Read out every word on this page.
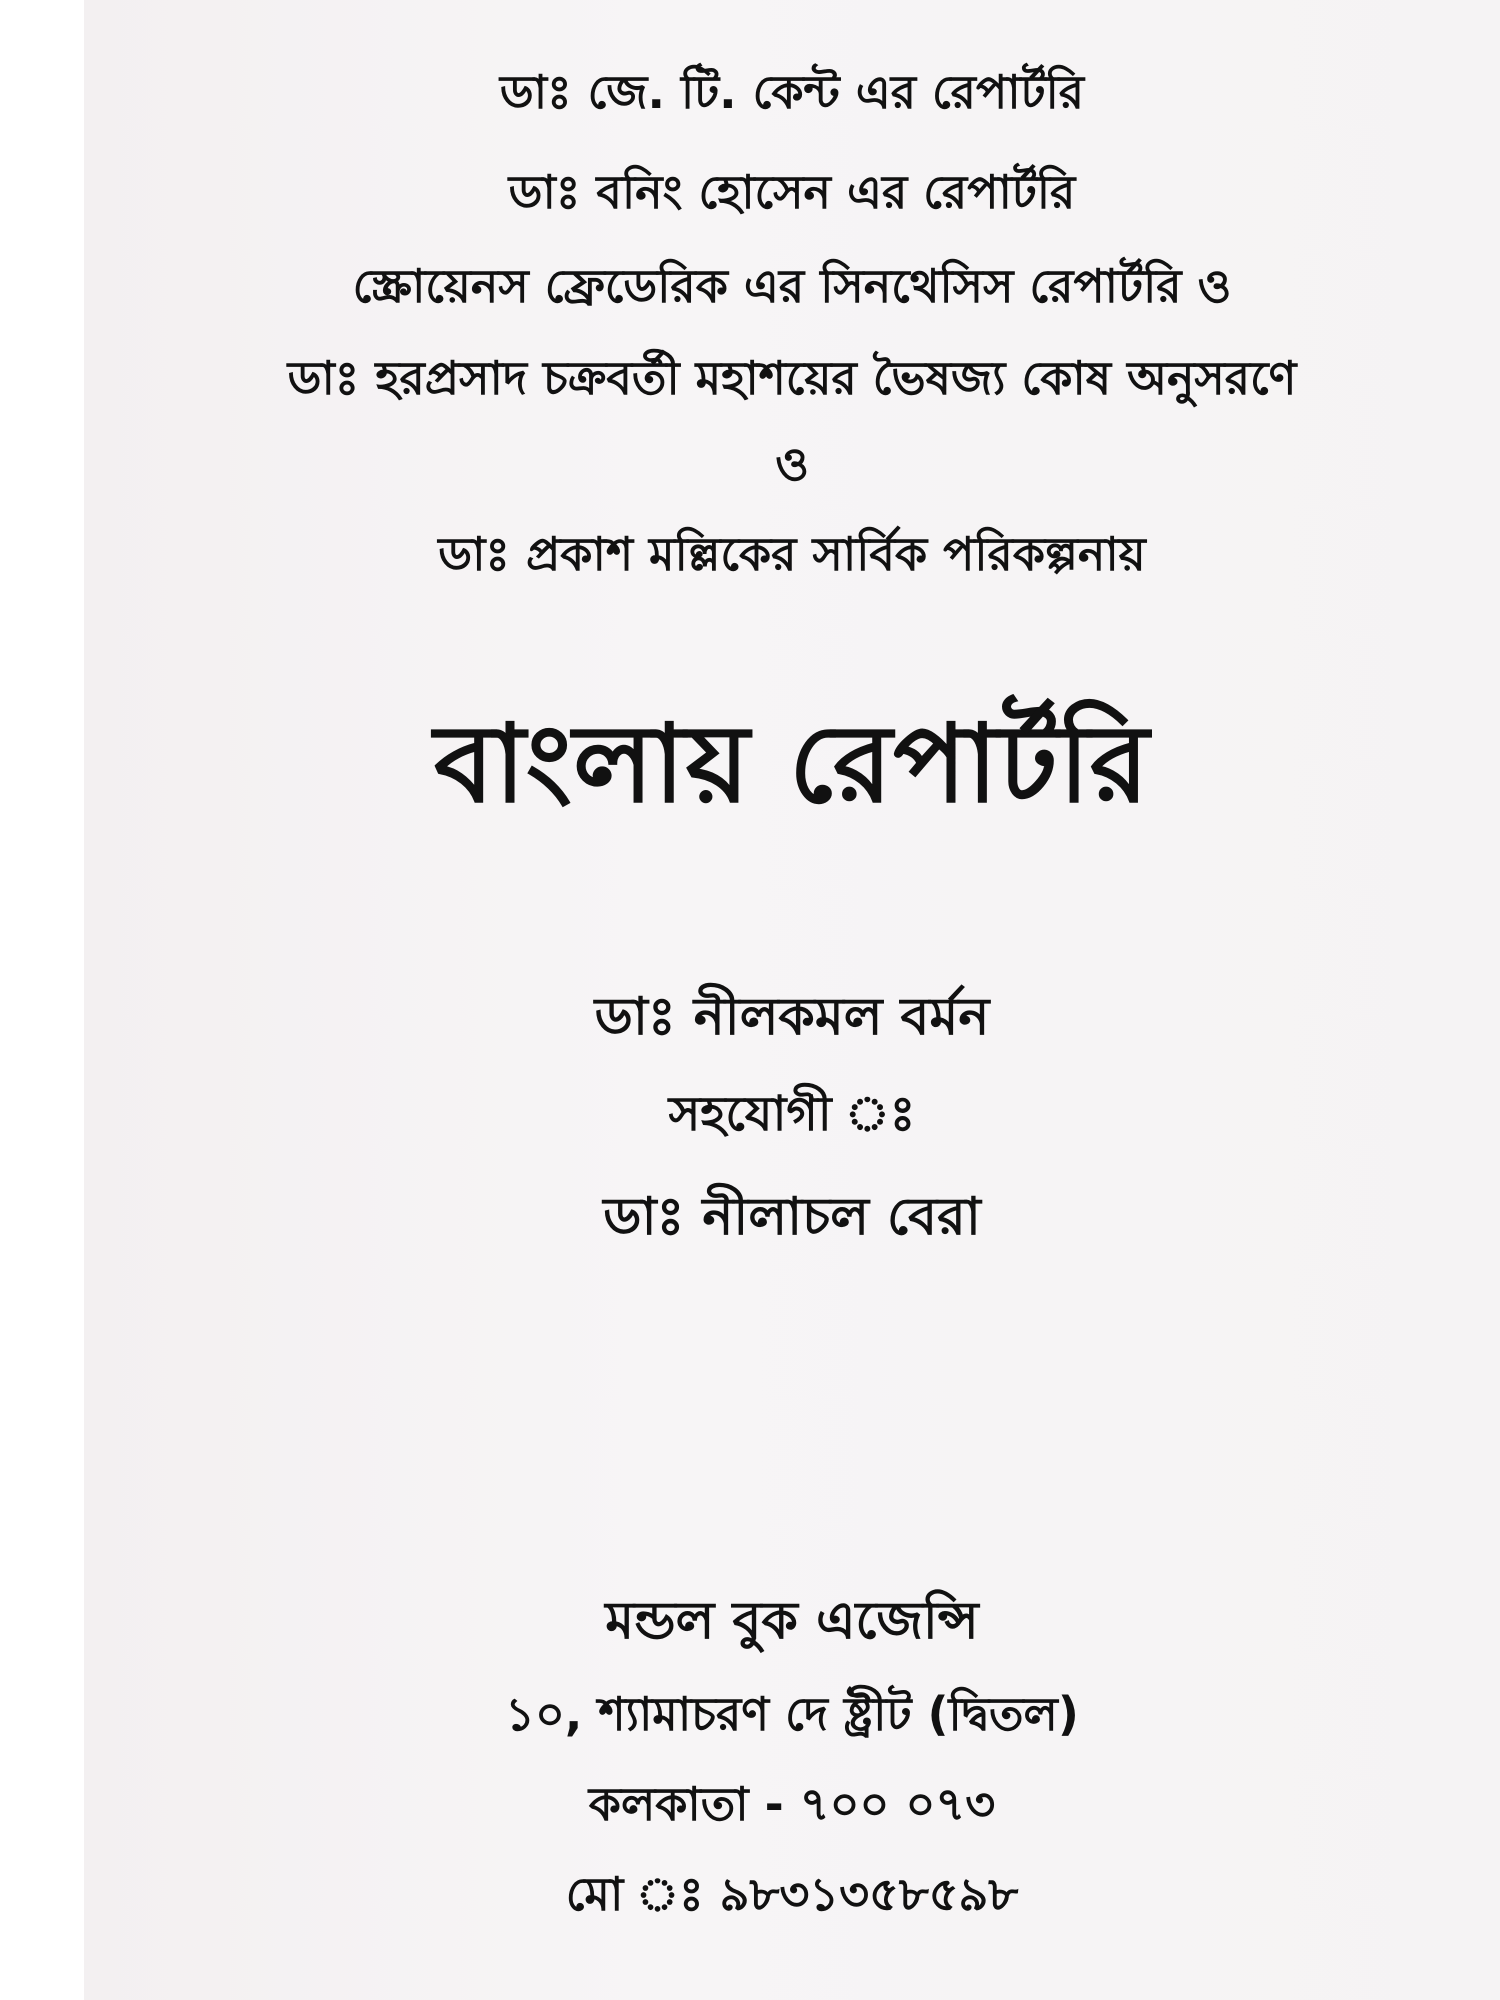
ডাঃ জে. টি. কেন্ট এর রেপার্টরি
ডাঃ বনিং হোসেন এর রেপার্টরি
স্ক্রোয়েনস ফ্রেডেরিক এর সিনথেসিস রেপার্টরি ও
ডাঃ হরপ্রসাদ চক্রবর্তী মহাশয়ের ভৈষজ্য কোষ অনুসরণে
ও
ডাঃ প্রকাশ মল্লিকের সার্বিক পরিকল্পনায়
বাংলায় রেপার্টরি
ডাঃ নীলকমল বর্মন
সহযোগী ঃ
ডাঃ নীলাচল বেরা
মন্ডল বুক এজেন্সি
১০, শ্যামাচরণ দে ষ্ট্রীট (দ্বিতল)
কলকাতা - ৭০০ ০৭৩
মো ঃ ৯৮৩১৩৫৮৫৯৮
